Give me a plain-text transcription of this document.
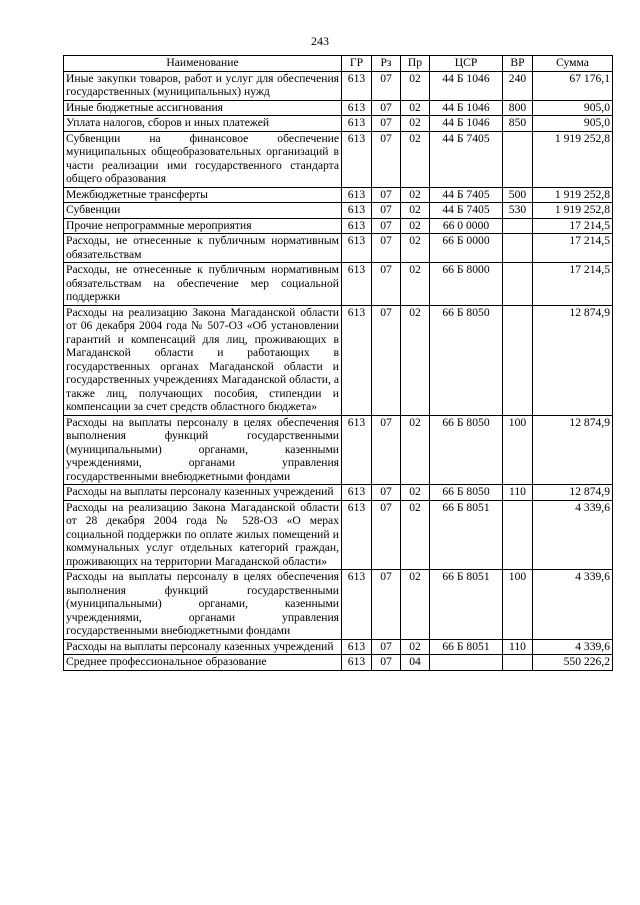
243
Наименование	ГР	Рз	Пр	ЦСР	ВР	Сумма
Иные закупки товаров, работ и услуг для обеспечения государственных (муниципальных) нужд	613	07	02	44 Б 1046	240	67 176,1
Иные бюджетные ассигнования	613	07	02	44 Б 1046	800	905,0
Уплата налогов, сборов и иных платежей	613	07	02	44 Б 1046	850	905,0
Субвенции на финансовое обеспечение муниципальных общеобразовательных организаций в части реализации ими государственного стандарта общего образования	613	07	02	44 Б 7405		1 919 252,8
Межбюджетные трансферты	613	07	02	44 Б 7405	500	1 919 252,8
Субвенции	613	07	02	44 Б 7405	530	1 919 252,8
Прочие непрограммные мероприятия	613	07	02	66 0 0000		17 214,5
Расходы, не отнесенные к публичным нормативным обязательствам	613	07	02	66 Б 0000		17 214,5
Расходы, не отнесенные к публичным нормативным обязательствам на обеспечение мер социальной поддержки	613	07	02	66 Б 8000		17 214,5
Расходы на реализацию Закона Магаданской области от 06 декабря 2004 года № 507-ОЗ «Об установлении гарантий и компенсаций для лиц, проживающих в Магаданской области и работающих в государственных органах Магаданской области и государственных учреждениях Магаданской области, а также лиц, получающих пособия, стипендии и компенсации за счет средств областного бюджета»	613	07	02	66 Б 8050		12 874,9
Расходы на выплаты персоналу в целях обеспечения выполнения функций государственными (муниципальными) органами, казенными учреждениями, органами управления государственными внебюджетными фондами	613	07	02	66 Б 8050	100	12 874,9
Расходы на выплаты персоналу казенных учреждений	613	07	02	66 Б 8050	110	12 874,9
Расходы на реализацию Закона Магаданской области от 28 декабря 2004 года № 528-ОЗ «О мерах социальной поддержки по оплате жилых помещений и коммунальных услуг отдельных категорий граждан, проживающих на территории Магаданской области»	613	07	02	66 Б 8051		4 339,6
Расходы на выплаты персоналу в целях обеспечения выполнения функций государственными (муниципальными) органами, казенными учреждениями, органами управления государственными внебюджетными фондами	613	07	02	66 Б 8051	100	4 339,6
Расходы на выплаты персоналу казенных учреждений	613	07	02	66 Б 8051	110	4 339,6
Среднее профессиональное образование	613	07	04			550 226,2
